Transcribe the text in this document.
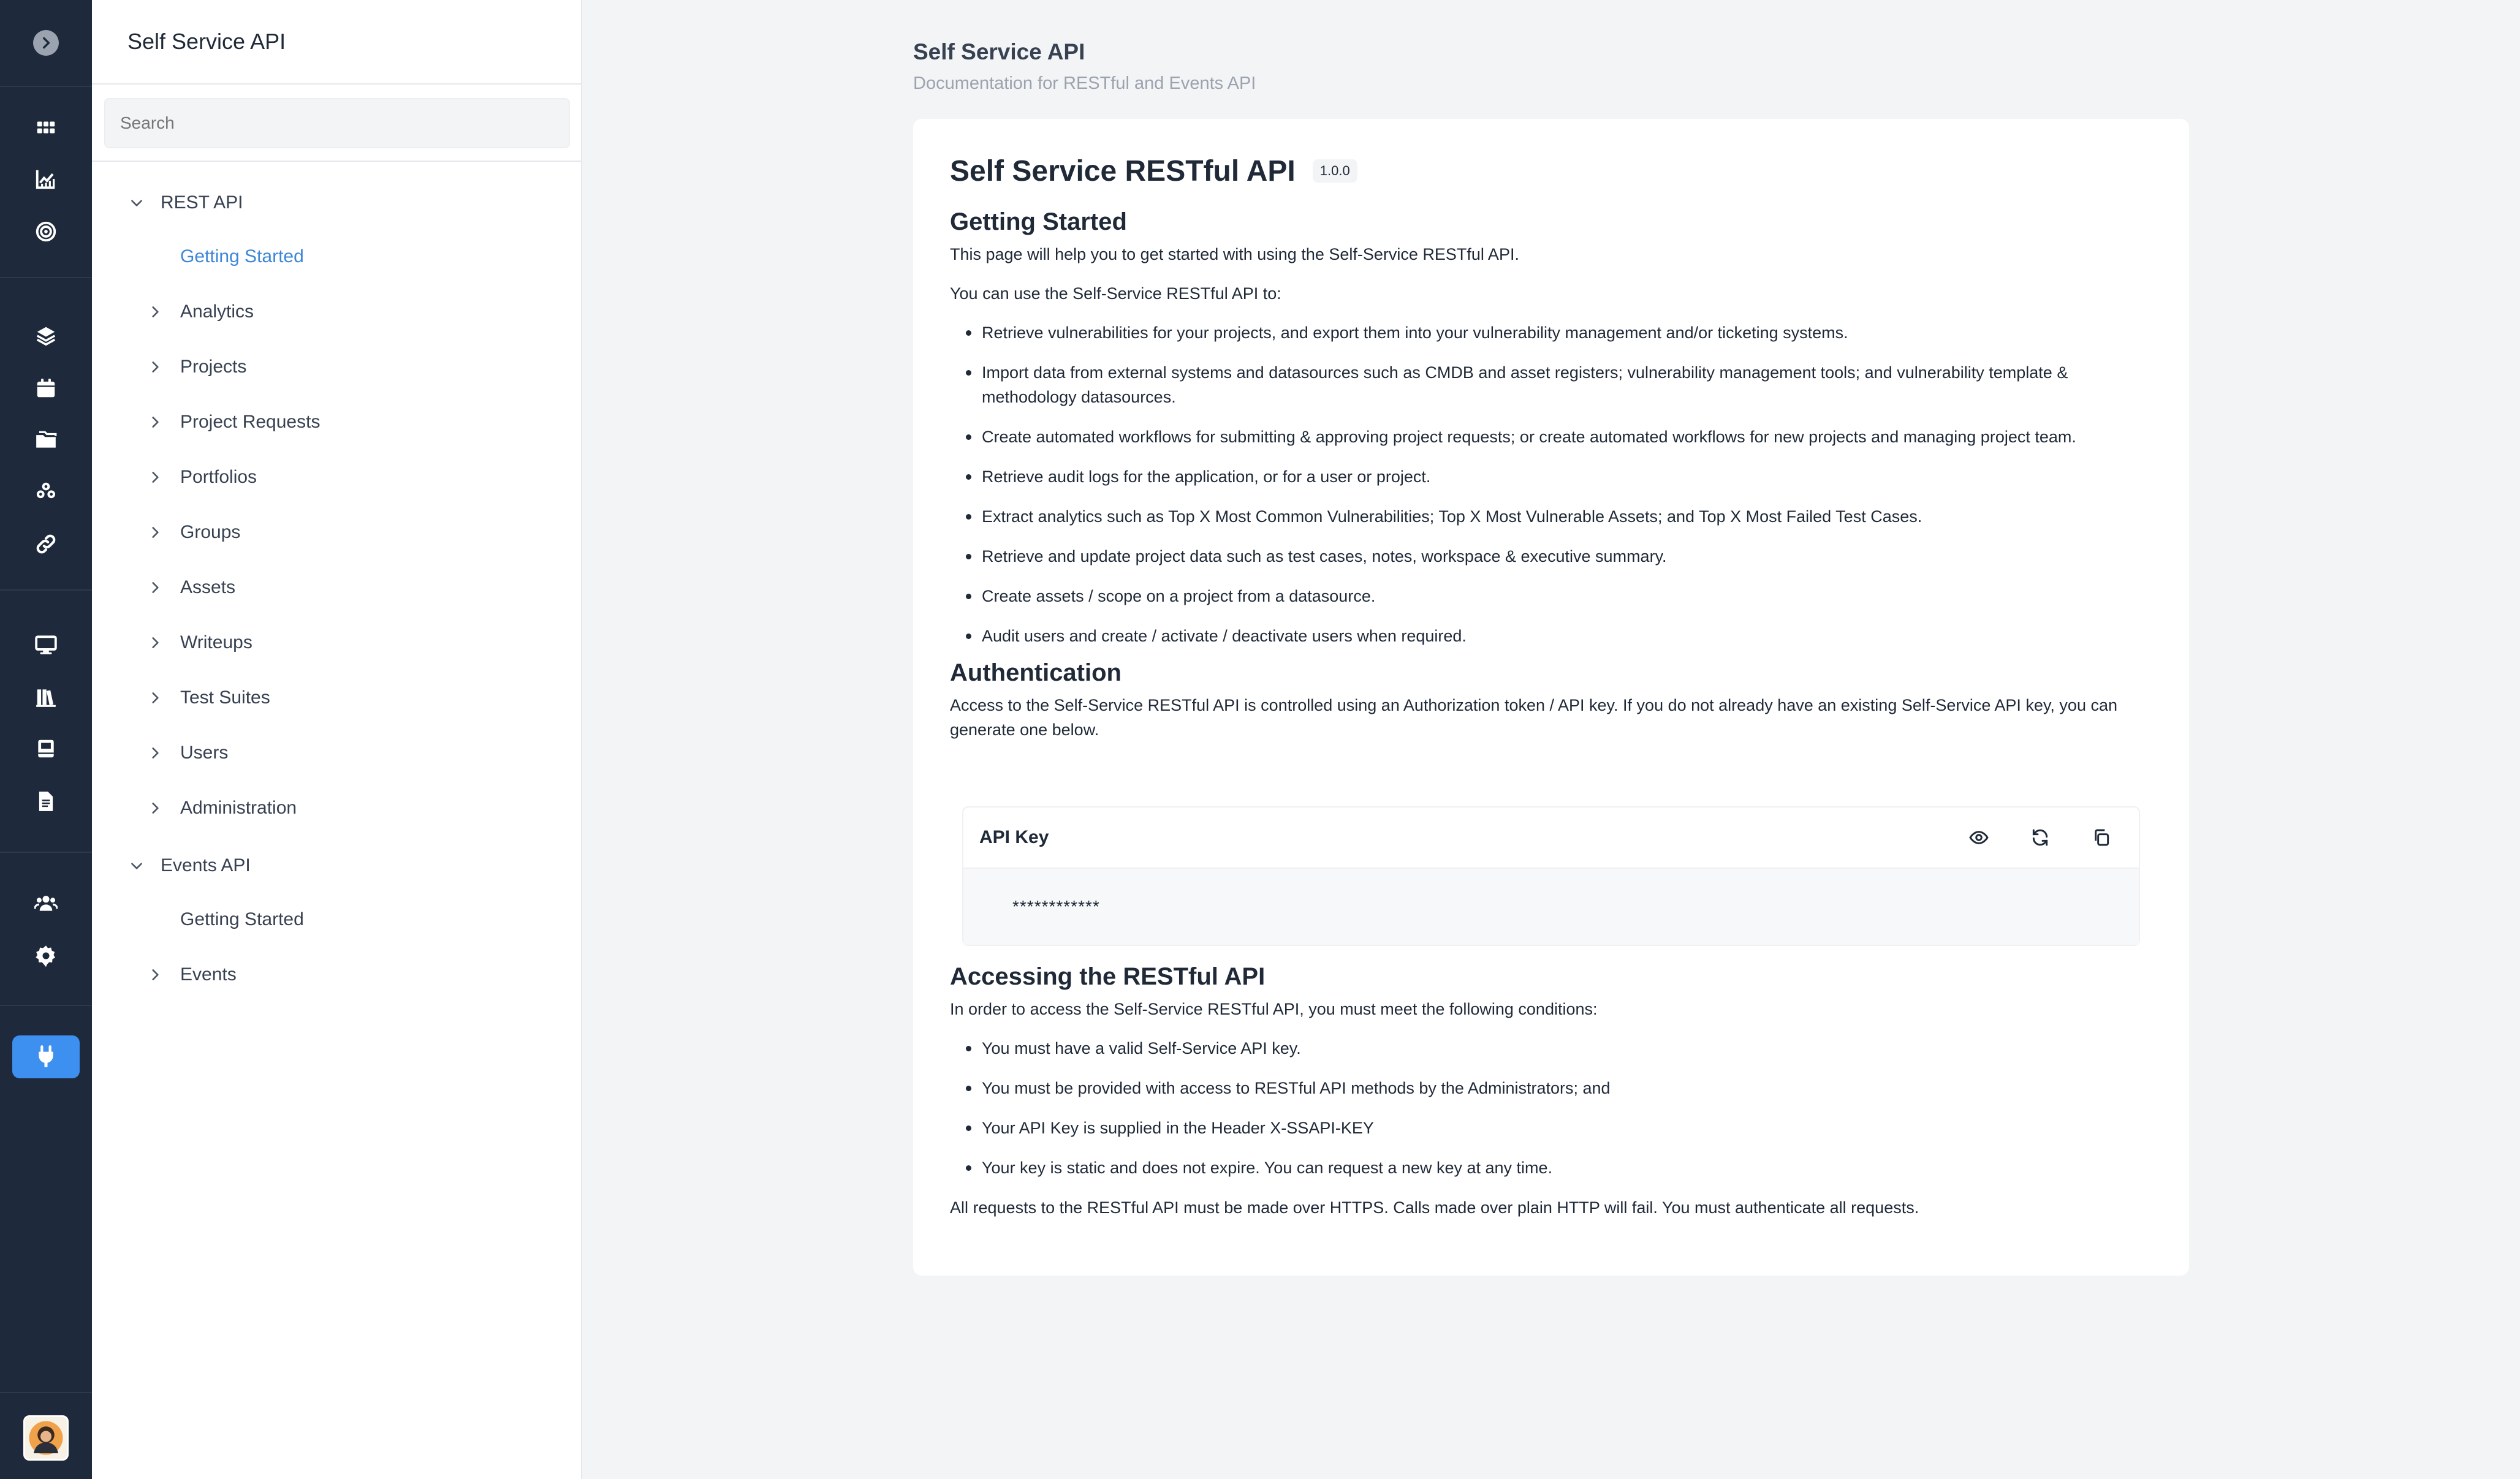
Self Service API
Search
REST API
Getting Started
Analytics
Projects
Project Requests
Portfolios
Groups
Assets
Writeups
Test Suites
Users
Administration
Events API
Getting Started
Events
Self Service API
Documentation for RESTful and Events API
Self Service RESTful API	1.0.0
Getting Started

This page will help you to get started with using the Self-Service RESTful API.

You can use the Self-Service RESTful API to:

Retrieve vulnerabilities for your projects, and export them into your vulnerability management and/or ticketing systems.
Import data from external systems and datasources such as CMDB and asset registers; vulnerability management tools; and vulnerability template & methodology datasources.
Create automated workflows for submitting & approving project requests; or create automated workflows for new projects and managing project team.
Retrieve audit logs for the application, or for a user or project.
Extract analytics such as Top X Most Common Vulnerabilities; Top X Most Vulnerable Assets; and Top X Most Failed Test Cases.
Retrieve and update project data such as test cases, notes, workspace & executive summary.
Create assets / scope on a project from a datasource.
Audit users and create / activate / deactivate users when required.
Authentication

Access to the Self-Service RESTful API is controlled using an Authorization token / API key. If you do not already have an existing Self-Service API key, you can generate one below.

API Key
************
Accessing the RESTful API

In order to access the Self-Service RESTful API, you must meet the following conditions:

You must have a valid Self-Service API key.
You must be provided with access to RESTful API methods by the Administrators; and
Your API Key is supplied in the Header X-SSAPI-KEY
Your key is static and does not expire. You can request a new key at any time.

All requests to the RESTful API must be made over HTTPS. Calls made over plain HTTP will fail. You must authenticate all requests.
